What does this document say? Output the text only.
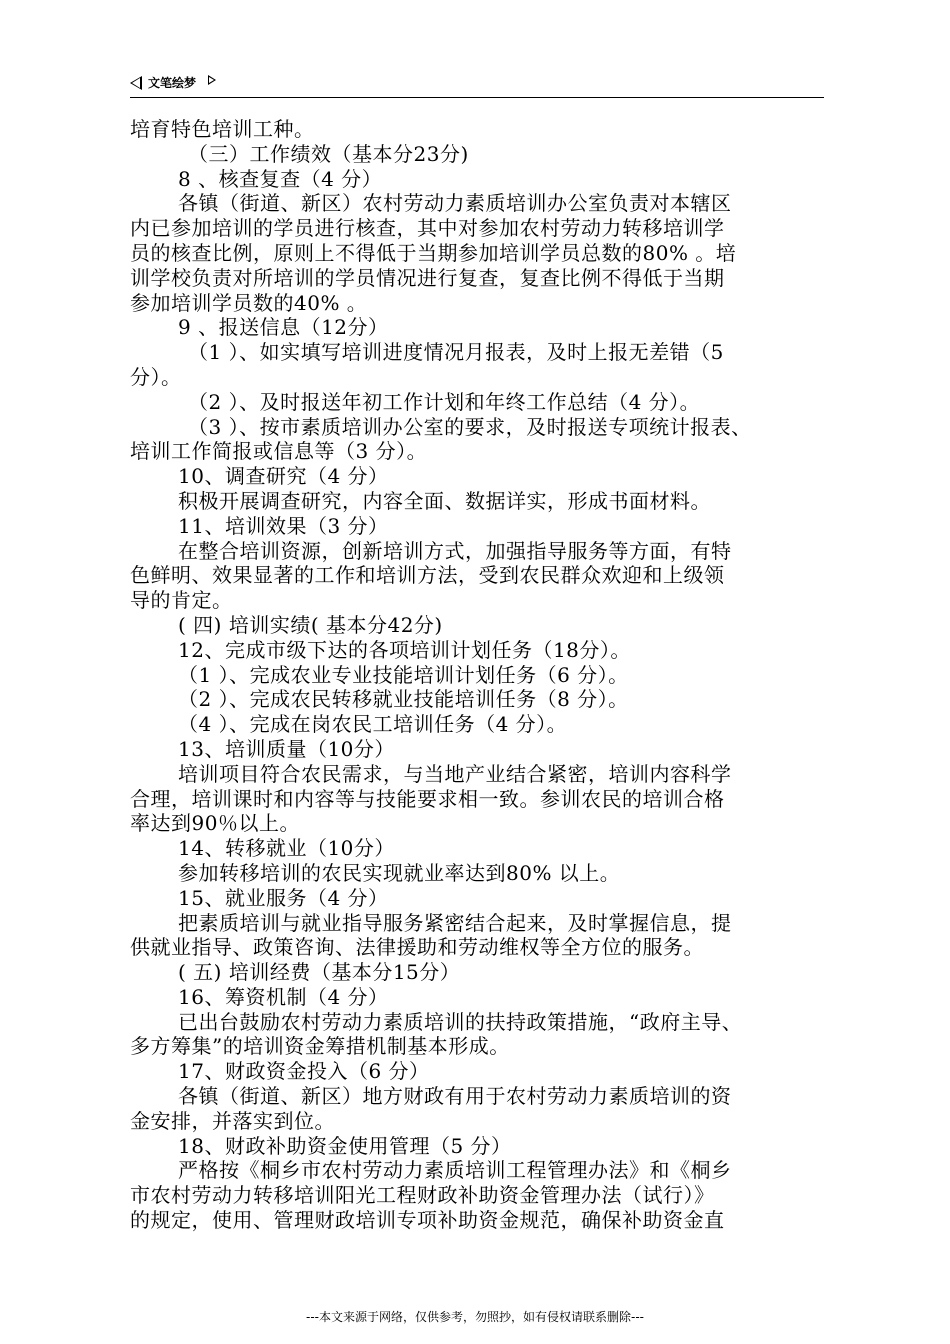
文笔绘梦
培育特色培训工种。
（三）工作绩效（基本分23分)
8 、核查复查（4 分）
各镇（街道、新区）农村劳动力素质培训办公室负责对本辖区
内已参加培训的学员进行核查，其中对参加农村劳动力转移培训学
员的核查比例，原则上不得低于当期参加培训学员总数的80% 。培
训学校负责对所培训的学员情况进行复查，复查比例不得低于当期
参加培训学员数的40% 。
9 、报送信息（12分）
（1 ）、如实填写培训进度情况月报表，及时上报无差错（5
分）。
（2 ）、及时报送年初工作计划和年终工作总结（4 分）。
（3 ）、按市素质培训办公室的要求，及时报送专项统计报表、
培训工作简报或信息等（3 分）。
10、调查研究（4 分）
积极开展调查研究，内容全面、数据详实，形成书面材料。
11、培训效果（3 分）
在整合培训资源，创新培训方式，加强指导服务等方面，有特
色鲜明、效果显著的工作和培训方法，受到农民群众欢迎和上级领
导的肯定。
( 四) 培训实绩( 基本分42分)
12、完成市级下达的各项培训计划任务（18分）。
（1 ）、完成农业专业技能培训计划任务（6 分）。
（2 ）、完成农民转移就业技能培训任务（8 分）。
（4 ）、完成在岗农民工培训任务（4 分）。
13、培训质量（10分）
培训项目符合农民需求，与当地产业结合紧密，培训内容科学
合理，培训课时和内容等与技能要求相一致。参训农民的培训合格
率达到90％以上。
14、转移就业（10分）
参加转移培训的农民实现就业率达到80% 以上。
15、就业服务（4 分）
把素质培训与就业指导服务紧密结合起来，及时掌握信息，提
供就业指导、政策咨询、法律援助和劳动维权等全方位的服务。
( 五) 培训经费（基本分15分）
16、筹资机制（4 分）
已出台鼓励农村劳动力素质培训的扶持政策措施，“政府主导、
多方筹集”的培训资金筹措机制基本形成。
17、财政资金投入（6 分）
各镇（街道、新区）地方财政有用于农村劳动力素质培训的资
金安排，并落实到位。
18、财政补助资金使用管理（5 分）
严格按《桐乡市农村劳动力素质培训工程管理办法》和《桐乡
市农村劳动力转移培训阳光工程财政补助资金管理办法（试行）》
的规定，使用、管理财政培训专项补助资金规范，确保补助资金直
---本文来源于网络，仅供参考，勿照抄，如有侵权请联系删除---
